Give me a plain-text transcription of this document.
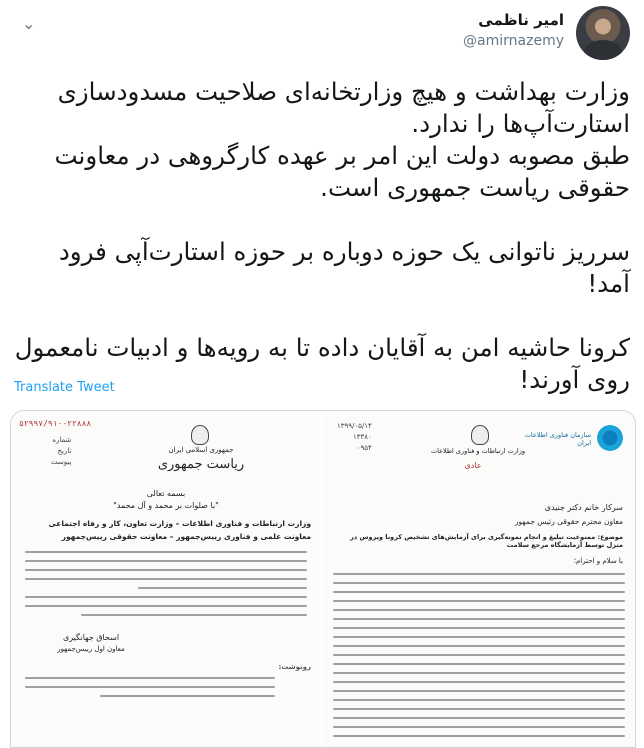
امیر ناظمی
@amirnazemy
⌄

وزارت بهداشت و هیچ وزارتخانه‌ای صلاحیت مسدودسازی
استارت‌آپ‌ها را ندارد.
طبق مصوبه دولت این امر بر عهده کارگروهی در معاونت
حقوقی ریاست جمهوری است.

سرریز ناتوانی یک حوزه دوباره بر حوزه استارت‌آپی فرود آمد!

کرونا حاشیه امن به آقایان داده تا به رویه‌ها و ادبیات نامعمول
روی آورند!

Translate Tweet
۵۲۹۹۷/۹۱۰-۲۲۸۸۸
شماره
تاریخ
پیوست
جمهوری اسلامی ایران
ریاست جمهوری
بسمه تعالی
"با صلوات بر محمد و آل محمد"
وزارت ارتباطات و فناوری اطلاعات – وزارت تعاون، کار و رفاه اجتماعی
معاونت علمی و فناوری رییس‌جمهور – معاونت حقوقی رییس‌جمهور
اسحاق جهانگیری
معاون اول رییس‌جمهور
رونوشت:
۱۳۹۹/۰۵/۱۴
۱۳۳۸۰
۰۹۵۴	وزارت ارتباطات و فناوری اطلاعات
سازمان فناوری اطلاعات ایران
عادی
سرکار خانم دکتر جنیدی
معاون محترم حقوقی رئیس جمهور
موضوع: ممنوعیت تبلیغ و انجام نمونه‌گیری برای آزمایش‌های تشخیص کرونا ویروس در منزل توسط آزمایشگاه مرجع سلامت
با سلام و احترام؛
